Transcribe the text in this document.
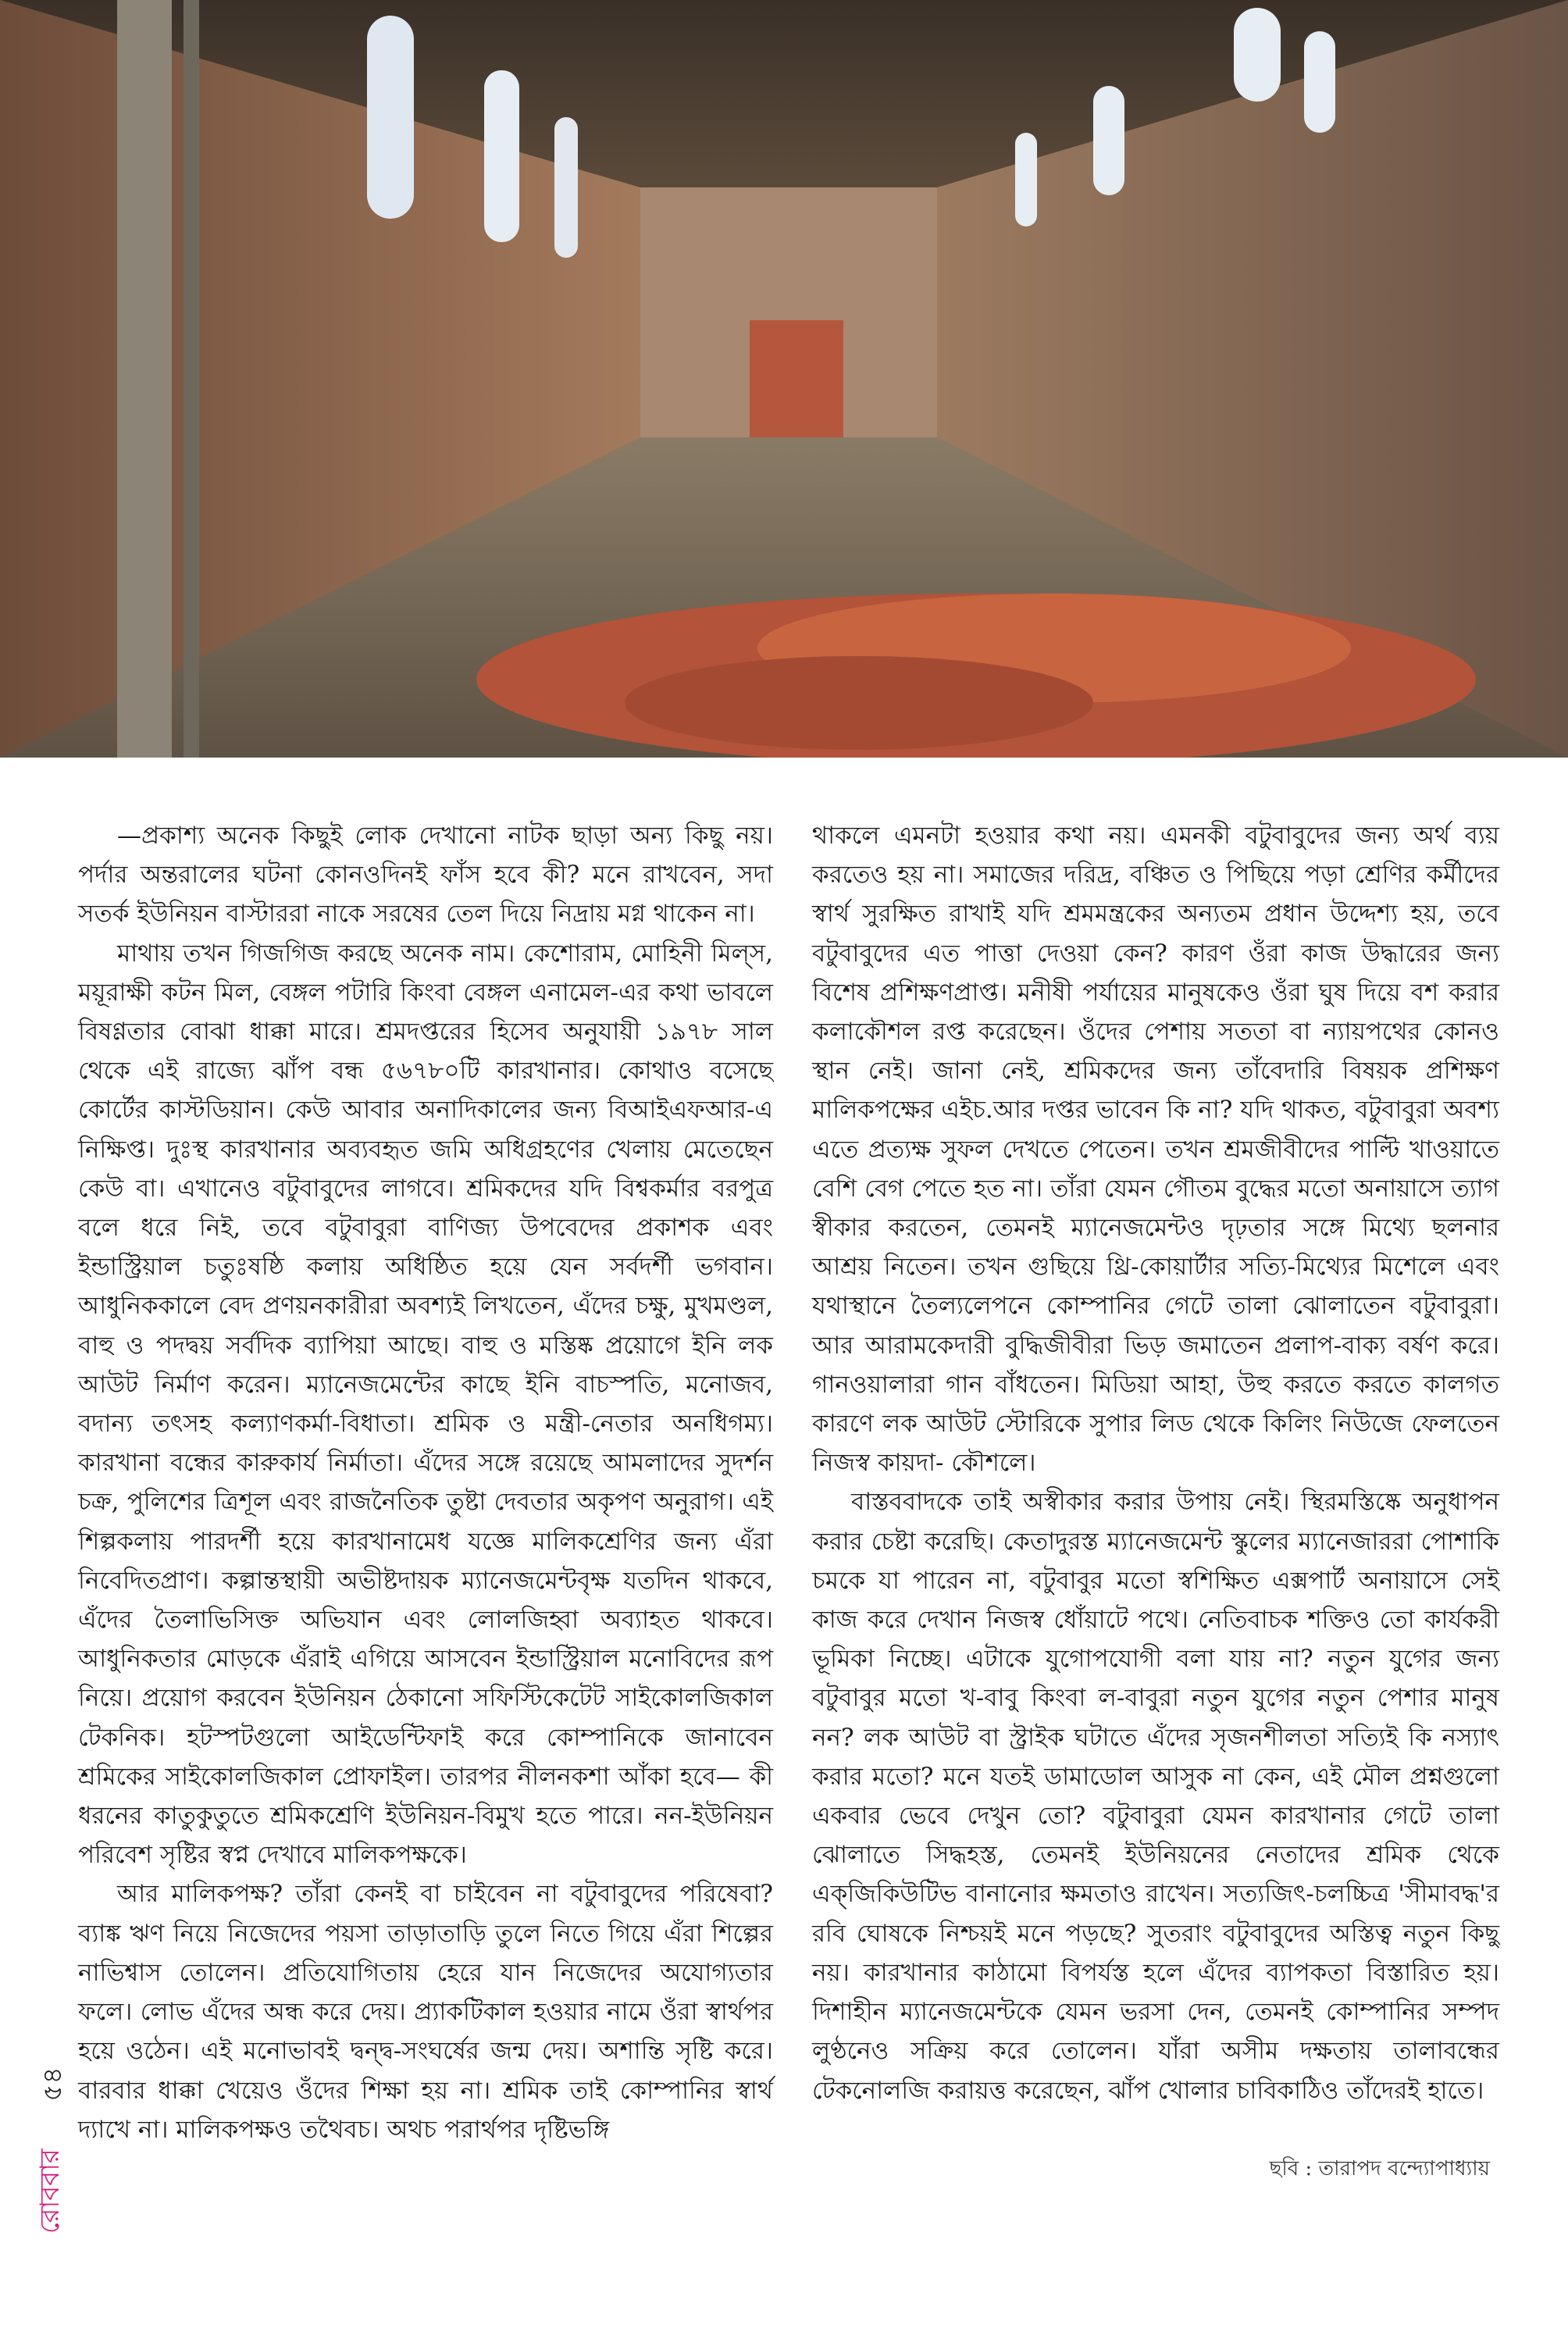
—প্রকাশ্য অনেক কিছুই লোক দেখানো নাটক ছাড়া অন্য কিছু নয়। পর্দার অন্তরালের ঘটনা কোনওদিনই ফাঁস হবে কী? মনে রাখবেন, সদা সতর্ক ইউনিয়ন বাস্টাররা নাকে সরষের তেল দিয়ে নিদ্রায় মগ্ন থাকেন না।

মাথায় তখন গিজগিজ করছে অনেক নাম। কেশোরাম, মোহিনী মিল্স, ময়ূরাক্ষী কটন মিল, বেঙ্গল পটারি কিংবা বেঙ্গল এনামেল-এর কথা ভাবলে বিষণ্ণতার বোঝা ধাক্কা মারে। শ্রমদপ্তরের হিসেব অনুযায়ী ১৯৭৮ সাল থেকে এই রাজ্যে ঝাঁপ বন্ধ ৫৬৭৮০টি কারখানার। কোথাও বসেছে কোর্টের কাস্টডিয়ান। কেউ আবার অনাদিকালের জন্য বিআইএফআর-এ নিক্ষিপ্ত। দুঃস্থ কারখানার অব্যবহৃত জমি অধিগ্রহণের খেলায় মেতেছেন কেউ বা। এখানেও বটুবাবুদের লাগবে। শ্রমিকদের যদি বিশ্বকর্মার বরপুত্র বলে ধরে নিই, তবে বটুবাবুরা বাণিজ্য উপবেদের প্রকাশক এবং ইন্ডাস্ট্রিয়াল চতুঃষষ্ঠি কলায় অধিষ্ঠিত হয়ে যেন সর্বদর্শী ভগবান। আধুনিককালে বেদ প্রণয়নকারীরা অবশ্যই লিখতেন, এঁদের চক্ষু, মুখমণ্ডল, বাহু ও পদদ্বয় সর্বদিক ব্যাপিয়া আছে। বাহু ও মস্তিষ্ক প্রয়োগে ইনি লক আউট নির্মাণ করেন। ম্যানেজমেন্টের কাছে ইনি বাচস্পতি, মনোজব, বদান্য তৎসহ কল্যাণকর্মা-বিধাতা। শ্রমিক ও মন্ত্রী-নেতার অনধিগম্য। কারখানা বন্ধের কারুকার্য নির্মাতা। এঁদের সঙ্গে রয়েছে আমলাদের সুদর্শন চক্র, পুলিশের ত্রিশূল এবং রাজনৈতিক তুষ্টা দেবতার অকৃপণ অনুরাগ। এই শিল্পকলায় পারদর্শী হয়ে কারখানামেধ যজ্ঞে মালিকশ্রেণির জন্য এঁরা নিবেদিতপ্রাণ। কল্পান্তস্থায়ী অভীষ্টদায়ক ম্যানেজমেন্টবৃক্ষ যতদিন থাকবে, এঁদের তৈলাভিসিক্ত অভিযান এবং লোলজিহ্বা অব্যাহত থাকবে। আধুনিকতার মোড়কে এঁরাই এগিয়ে আসবেন ইন্ডাস্ট্রিয়াল মনোবিদের রূপ নিয়ে। প্রয়োগ করবেন ইউনিয়ন ঠেকানো সফিস্টিকেটেট সাইকোলজিকাল টেকনিক। হটস্পটগুলো আইডেন্টিফাই করে কোম্পানিকে জানাবেন শ্রমিকের সাইকোলজিকাল প্রোফাইল। তারপর নীলনকশা আঁকা হবে— কী ধরনের কাতুকুতুতে শ্রমিকশ্রেণি ইউনিয়ন-বিমুখ হতে পারে। নন-ইউনিয়ন পরিবেশ সৃষ্টির স্বপ্ন দেখাবে মালিকপক্ষকে।

আর মালিকপক্ষ? তাঁরা কেনই বা চাইবেন না বটুবাবুদের পরিষেবা? ব্যাঙ্ক ঋণ নিয়ে নিজেদের পয়সা তাড়াতাড়ি তুলে নিতে গিয়ে এঁরা শিল্পের নাভিশ্বাস তোলেন। প্রতিযোগিতায় হেরে যান নিজেদের অযোগ্যতার ফলে। লোভ এঁদের অন্ধ করে দেয়। প্র্যাকটিকাল হওয়ার নামে ওঁরা স্বার্থপর হয়ে ওঠেন। এই মনোভাবই দ্বন্দ্ব-সংঘর্ষের জন্ম দেয়। অশান্তি সৃষ্টি করে। বারবার ধাক্কা খেয়েও ওঁদের শিক্ষা হয় না। শ্রমিক তাই কোম্পানির স্বার্থ দ্যাখে না। মালিকপক্ষও তথৈবচ। অথচ পরার্থপর দৃষ্টিভঙ্গি

থাকলে এমনটা হওয়ার কথা নয়। এমনকী বটুবাবুদের জন্য অর্থ ব্যয় করতেও হয় না। সমাজের দরিদ্র, বঞ্চিত ও পিছিয়ে পড়া শ্রেণির কর্মীদের স্বার্থ সুরক্ষিত রাখাই যদি শ্রমমন্ত্রকের অন্যতম প্রধান উদ্দেশ্য হয়, তবে বটুবাবুদের এত পাত্তা দেওয়া কেন? কারণ ওঁরা কাজ উদ্ধারের জন্য বিশেষ প্রশিক্ষণপ্রাপ্ত। মনীষী পর্যায়ের মানুষকেও ওঁরা ঘুষ দিয়ে বশ করার কলাকৌশল রপ্ত করেছেন। ওঁদের পেশায় সততা বা ন্যায়পথের কোনও স্থান নেই। জানা নেই, শ্রমিকদের জন্য তাঁবেদারি বিষয়ক প্রশিক্ষণ মালিকপক্ষের এইচ.আর দপ্তর ভাবেন কি না? যদি থাকত, বটুবাবুরা অবশ্য এতে প্রত্যক্ষ সুফল দেখতে পেতেন। তখন শ্রমজীবীদের পাল্টি খাওয়াতে বেশি বেগ পেতে হত না। তাঁরা যেমন গৌতম বুদ্ধের মতো অনায়াসে ত্যাগ স্বীকার করতেন, তেমনই ম্যানেজমেন্টও দৃঢ়তার সঙ্গে মিথ্যে ছলনার আশ্রয় নিতেন। তখন গুছিয়ে থ্রি-কোয়ার্টার সত্যি-মিথ্যের মিশেলে এবং যথাস্থানে তৈল্যলেপনে কোম্পানির গেটে তালা ঝোলাতেন বটুবাবুরা। আর আরামকেদারী বুদ্ধিজীবীরা ভিড় জমাতেন প্রলাপ-বাক্য বর্ষণ করে। গানওয়ালারা গান বাঁধতেন। মিডিয়া আহা, উহু করতে করতে কালগত কারণে লক আউট স্টোরিকে সুপার লিড থেকে কিলিং নিউজে ফেলতেন নিজস্ব কায়দা- কৌশলে।

বাস্তববাদকে তাই অস্বীকার করার উপায় নেই। স্থিরমস্তিষ্কে অনুধাপন করার চেষ্টা করেছি। কেতাদুরস্ত ম্যানেজমেন্ট স্কুলের ম্যানেজাররা পোশাকি চমকে যা পারেন না, বটুবাবুর মতো স্বশিক্ষিত এক্সপার্ট অনায়াসে সেই কাজ করে দেখান নিজস্ব ধোঁয়াটে পথে। নেতিবাচক শক্তিও তো কার্যকরী ভূমিকা নিচ্ছে। এটাকে যুগোপযোগী বলা যায় না? নতুন যুগের জন্য বটুবাবুর মতো খ-বাবু কিংবা ল-বাবুরা নতুন যুগের নতুন পেশার মানুষ নন? লক আউট বা স্ট্রাইক ঘটাতে এঁদের সৃজনশীলতা সত্যিই কি নস্যাৎ করার মতো? মনে যতই ডামাডোল আসুক না কেন, এই মৌল প্রশ্নগুলো একবার ভেবে দেখুন তো? বটুবাবুরা যেমন কারখানার গেটে তালা ঝোলাতে সিদ্ধহস্ত, তেমনই ইউনিয়নের নেতাদের শ্রমিক থেকে এক্‌জিকিউটিভ বানানোর ক্ষমতাও রাখেন। সত্যজিৎ-চলচ্চিত্র 'সীমাবদ্ধ'র রবি ঘোষকে নিশ্চয়ই মনে পড়ছে? সুতরাং বটুবাবুদের অস্তিত্ব নতুন কিছু নয়। কারখানার কাঠামো বিপর্যস্ত হলে এঁদের ব্যাপকতা বিস্তারিত হয়। দিশাহীন ম্যানেজমেন্টকে যেমন ভরসা দেন, তেমনই কোম্পানির সম্পদ লুণ্ঠনেও সক্রিয় করে তোলেন। যাঁরা অসীম দক্ষতায় তালাবন্ধের টেকনোলজি করায়ত্ত করেছেন, ঝাঁপ খোলার চাবিকাঠিও তাঁদেরই হাতে।

ছবি : তারাপদ বন্দ্যোপাধ্যায়
৫৪
রোববার
